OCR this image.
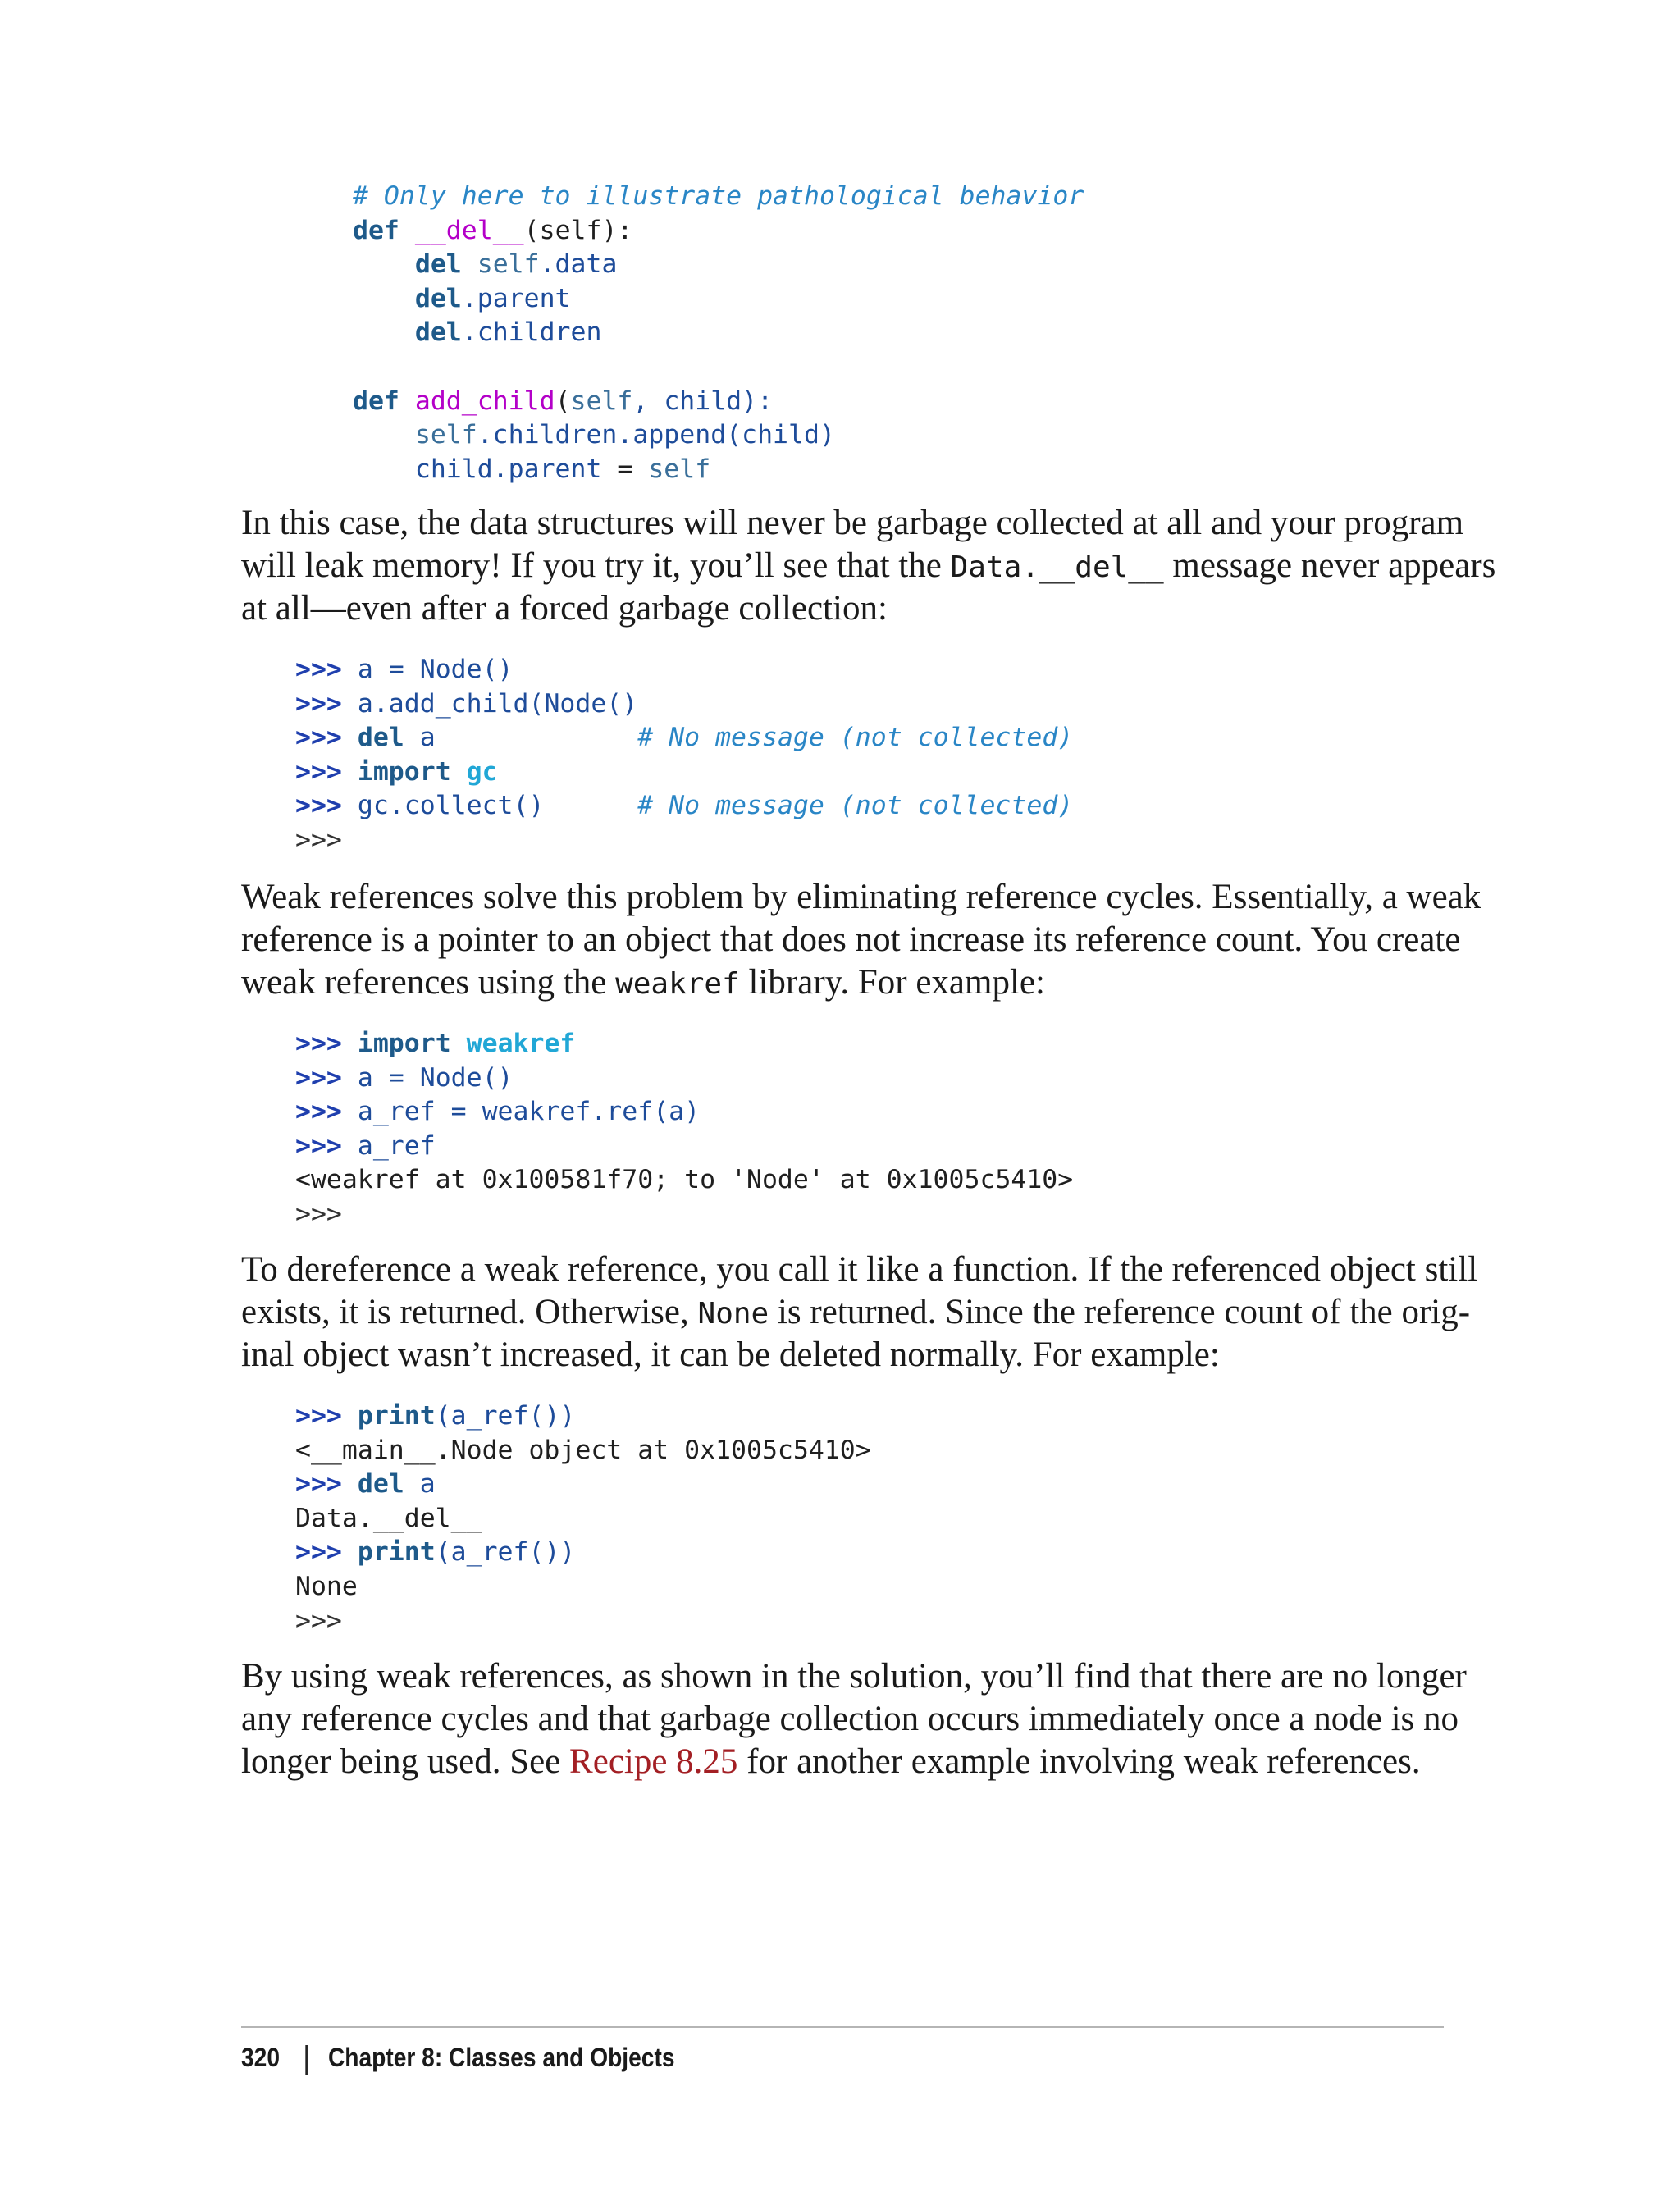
# Only here to illustrate pathological behavior
def __del__(self):
del self.data
del.parent
del.children

def add_child(self, child):
self.children.append(child)
child.parent = self
In this case, the data structures will never be garbage collected at all and your program
will leak memory! If you try it, you’ll see that the Data.__del__ message never appears
at all—even after a forced garbage collection:
>>> a = Node()
>>> a.add_child(Node()
>>> del a	# No message (not collected)
>>> import gc
>>> gc.collect()	# No message (not collected)
>>>
Weak references solve this problem by eliminating reference cycles. Essentially, a weak
reference is a pointer to an object that does not increase its reference count. You create
weak references using the weakref library. For example:
>>> import weakref
>>> a = Node()
>>> a_ref = weakref.ref(a)
>>> a_ref
<weakref at 0x100581f70; to 'Node' at 0x1005c5410>
>>>
To dereference a weak reference, you call it like a function. If the referenced object still
exists, it is returned. Otherwise, None is returned. Since the reference count of the orig-
inal object wasn’t increased, it can be deleted normally. For example:
>>> print(a_ref())
<__main__.Node object at 0x1005c5410>
>>> del a
Data.__del__
>>> print(a_ref())
None
>>>
By using weak references, as shown in the solution, you’ll find that there are no longer
any reference cycles and that garbage collection occurs immediately once a node is no
longer being used. See Recipe 8.25 for another example involving weak references.
320 Chapter 8: Classes and Objects
